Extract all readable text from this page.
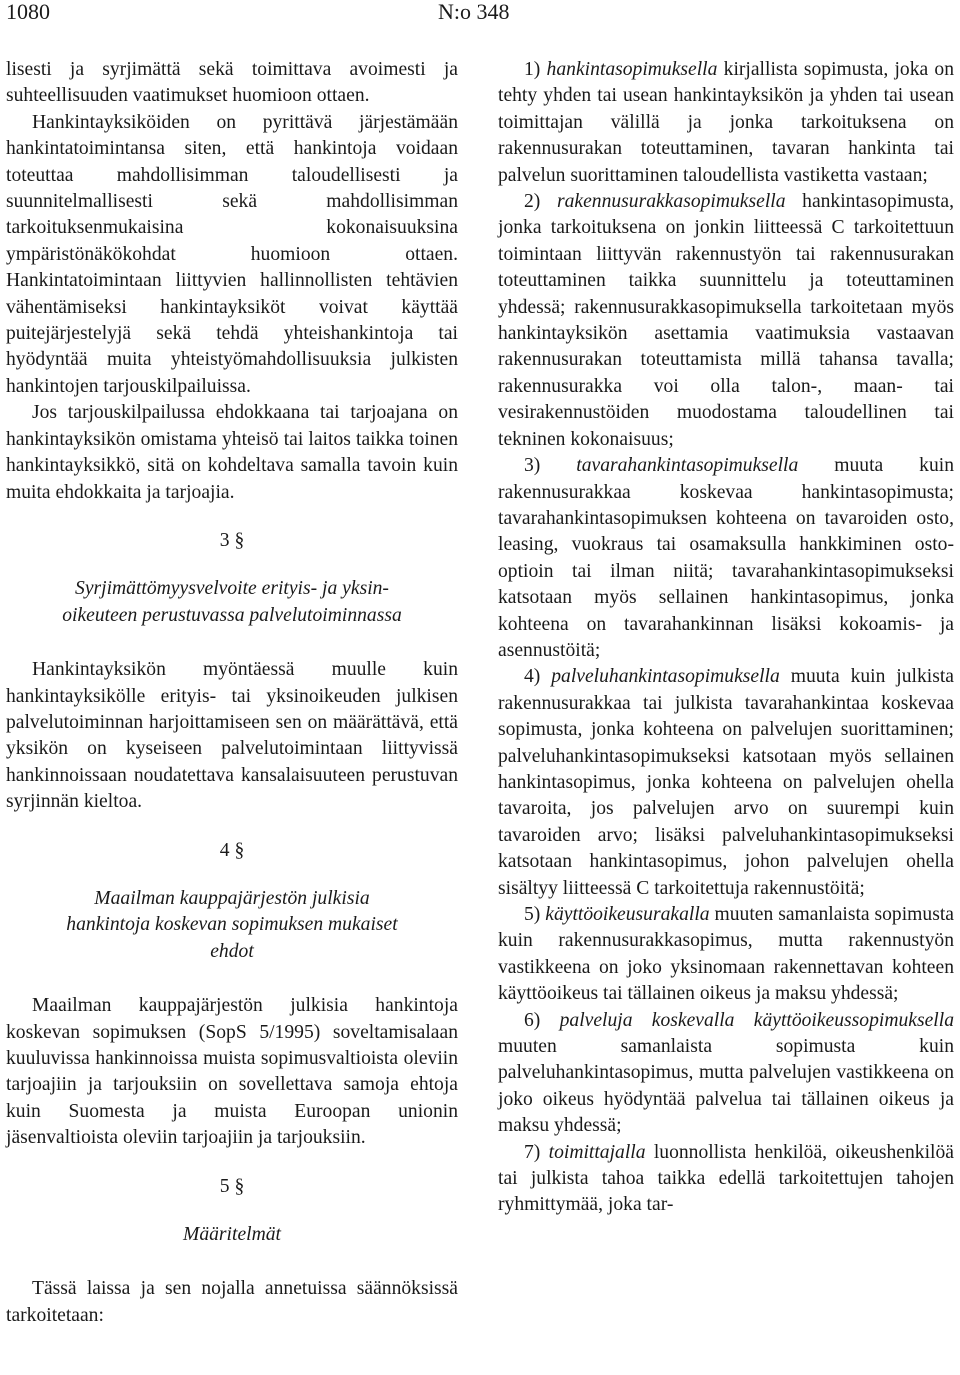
1080	N:o 348

lisesti ja syrjimättä sekä toimittava avoimesti ja suhteellisuuden vaatimukset huomioon ottaen.

Hankintayksiköiden on pyrittävä järjestämään hankintatoimintansa siten, että hankintoja voidaan toteuttaa mahdollisimman taloudellisesti ja suunnitelmallisesti sekä mahdollisimman tarkoituksenmukaisina kokonaisuuksina ympäristönäkökohdat huomioon ottaen. Hankintatoimintaan liittyvien hallinnollisten tehtävien vähentämiseksi hankintayksiköt voivat käyttää puitejärjestelyjä sekä tehdä yhteishankintoja tai hyödyntää muita yhteistyömahdollisuuksia julkisten hankintojen tarjouskilpailuissa.

Jos tarjouskilpailussa ehdokkaana tai tarjoajana on hankintayksikön omistama yhteisö tai laitos taikka toinen hankintayksikkö, sitä on kohdeltava samalla tavoin kuin muita ehdokkaita ja tarjoajia.

3 §

Syrjimättömyysvelvoite erityis- ja yksin-
oikeuteen perustuvassa palvelutoiminnassa

Hankintayksikön myöntäessä muulle kuin hankintayksikölle erityis- tai yksinoikeuden julkisen palvelutoiminnan harjoittamiseen sen on määrättävä, että yksikön on kyseiseen palvelutoimintaan liittyvissä hankinnoissaan noudatettava kansalaisuuteen perustuvan syrjinnän kieltoa.

4 §

Maailman kauppajärjestön julkisia
hankintoja koskevan sopimuksen mukaiset
ehdot

Maailman kauppajärjestön julkisia hankintoja koskevan sopimuksen (SopS 5/1995) soveltamisalaan kuuluvissa hankinnoissa muista sopimusvaltioista oleviin tarjoajiin ja tarjouksiin on sovellettava samoja ehtoja kuin Suomesta ja muista Euroopan unionin jäsenvaltioista oleviin tarjoajiin ja tarjouksiin.

5 §

Määritelmät

Tässä laissa ja sen nojalla annetuissa säännöksissä tarkoitetaan:

1) hankintasopimuksella kirjallista sopimusta, joka on tehty yhden tai usean hankintayksikön ja yhden tai usean toimittajan välillä ja jonka tarkoituksena on rakennusurakan toteuttaminen, tavaran hankinta tai palvelun suorittaminen taloudellista vastiketta vastaan;

2) rakennusurakkasopimuksella hankintasopimusta, jonka tarkoituksena on jonkin liitteessä C tarkoitettuun toimintaan liittyvän rakennustyön tai rakennusurakan toteuttaminen taikka suunnittelu ja toteuttaminen yhdessä; rakennusurakkasopimuksella tarkoitetaan myös hankintayksikön asettamia vaatimuksia vastaavan rakennusurakan toteuttamista millä tahansa tavalla; rakennusurakka voi olla talon-, maan- tai vesirakennustöiden muodostama taloudellinen tai tekninen kokonaisuus;

3) tavarahankintasopimuksella muuta kuin rakennusurakkaa koskevaa hankintasopimusta; tavarahankintasopimuksen kohteena on tavaroiden osto, leasing, vuokraus tai osamaksulla hankkiminen osto-optioin tai ilman niitä; tavarahankintasopimukseksi katsotaan myös sellainen hankintasopimus, jonka kohteena on tavarahankinnan lisäksi kokoamis- ja asennustöitä;

4) palveluhankintasopimuksella muuta kuin julkista rakennusurakkaa tai julkista tavarahankintaa koskevaa sopimusta, jonka kohteena on palvelujen suorittaminen; palveluhankintasopimukseksi katsotaan myös sellainen hankintasopimus, jonka kohteena on palvelujen ohella tavaroita, jos palvelujen arvo on suurempi kuin tavaroiden arvo; lisäksi palveluhankintasopimukseksi katsotaan hankintasopimus, johon palvelujen ohella sisältyy liitteessä C tarkoitettuja rakennustöitä;

5) käyttöoikeusurakalla muuten samanlaista sopimusta kuin rakennusurakkasopimus, mutta rakennustyön vastikkeena on joko yksinomaan rakennettavan kohteen käyttöoikeus tai tällainen oikeus ja maksu yhdessä;

6) palveluja koskevalla käyttöoikeussopimuksella muuten samanlaista sopimusta kuin palveluhankintasopimus, mutta palvelujen vastikkeena on joko oikeus hyödyntää palvelua tai tällainen oikeus ja maksu yhdessä;

7) toimittajalla luonnollista henkilöä, oikeushenkilöä tai julkista tahoa taikka edellä tarkoitettujen tahojen ryhmittymää, joka tar-
